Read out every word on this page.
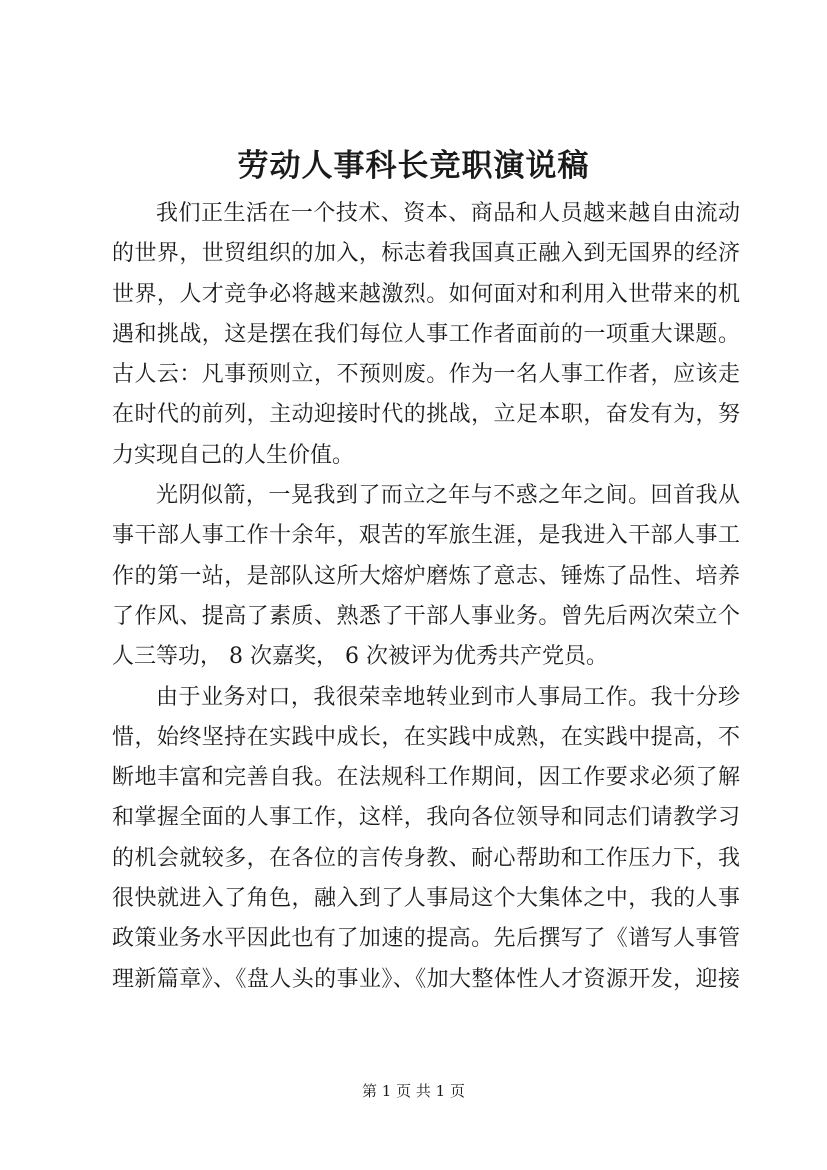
劳动人事科长竞职演说稿
我们正生活在一个技术、资本、商品和人员越来越自由流动
的世界，世贸组织的加入，标志着我国真正融入到无国界的经济
世界，人才竞争必将越来越激烈。如何面对和利用入世带来的机
遇和挑战，这是摆在我们每位人事工作者面前的一项重大课题。
古人云：凡事预则立，不预则废。作为一名人事工作者，应该走
在时代的前列，主动迎接时代的挑战，立足本职，奋发有为，努
力实现自己的人生价值。
光阴似箭，一晃我到了而立之年与不惑之年之间。回首我从
事干部人事工作十余年，艰苦的军旅生涯，是我进入干部人事工
作的第一站，是部队这所大熔炉磨炼了意志、锤炼了品性、培养
了作风、提高了素质、熟悉了干部人事业务。曾先后两次荣立个
人三等功， 8 次嘉奖， 6 次被评为优秀共产党员。
由于业务对口，我很荣幸地转业到市人事局工作。我十分珍
惜，始终坚持在实践中成长，在实践中成熟，在实践中提高，不
断地丰富和完善自我。在法规科工作期间，因工作要求必须了解
和掌握全面的人事工作，这样，我向各位领导和同志们请教学习
的机会就较多，在各位的言传身教、耐心帮助和工作压力下，我
很快就进入了角色，融入到了人事局这个大集体之中，我的人事
政策业务水平因此也有了加速的提高。先后撰写了《谱写人事管
理新篇章》、《盘人头的事业》、《加大整体性人才资源开发，迎接
第 1 页 共 1 页
